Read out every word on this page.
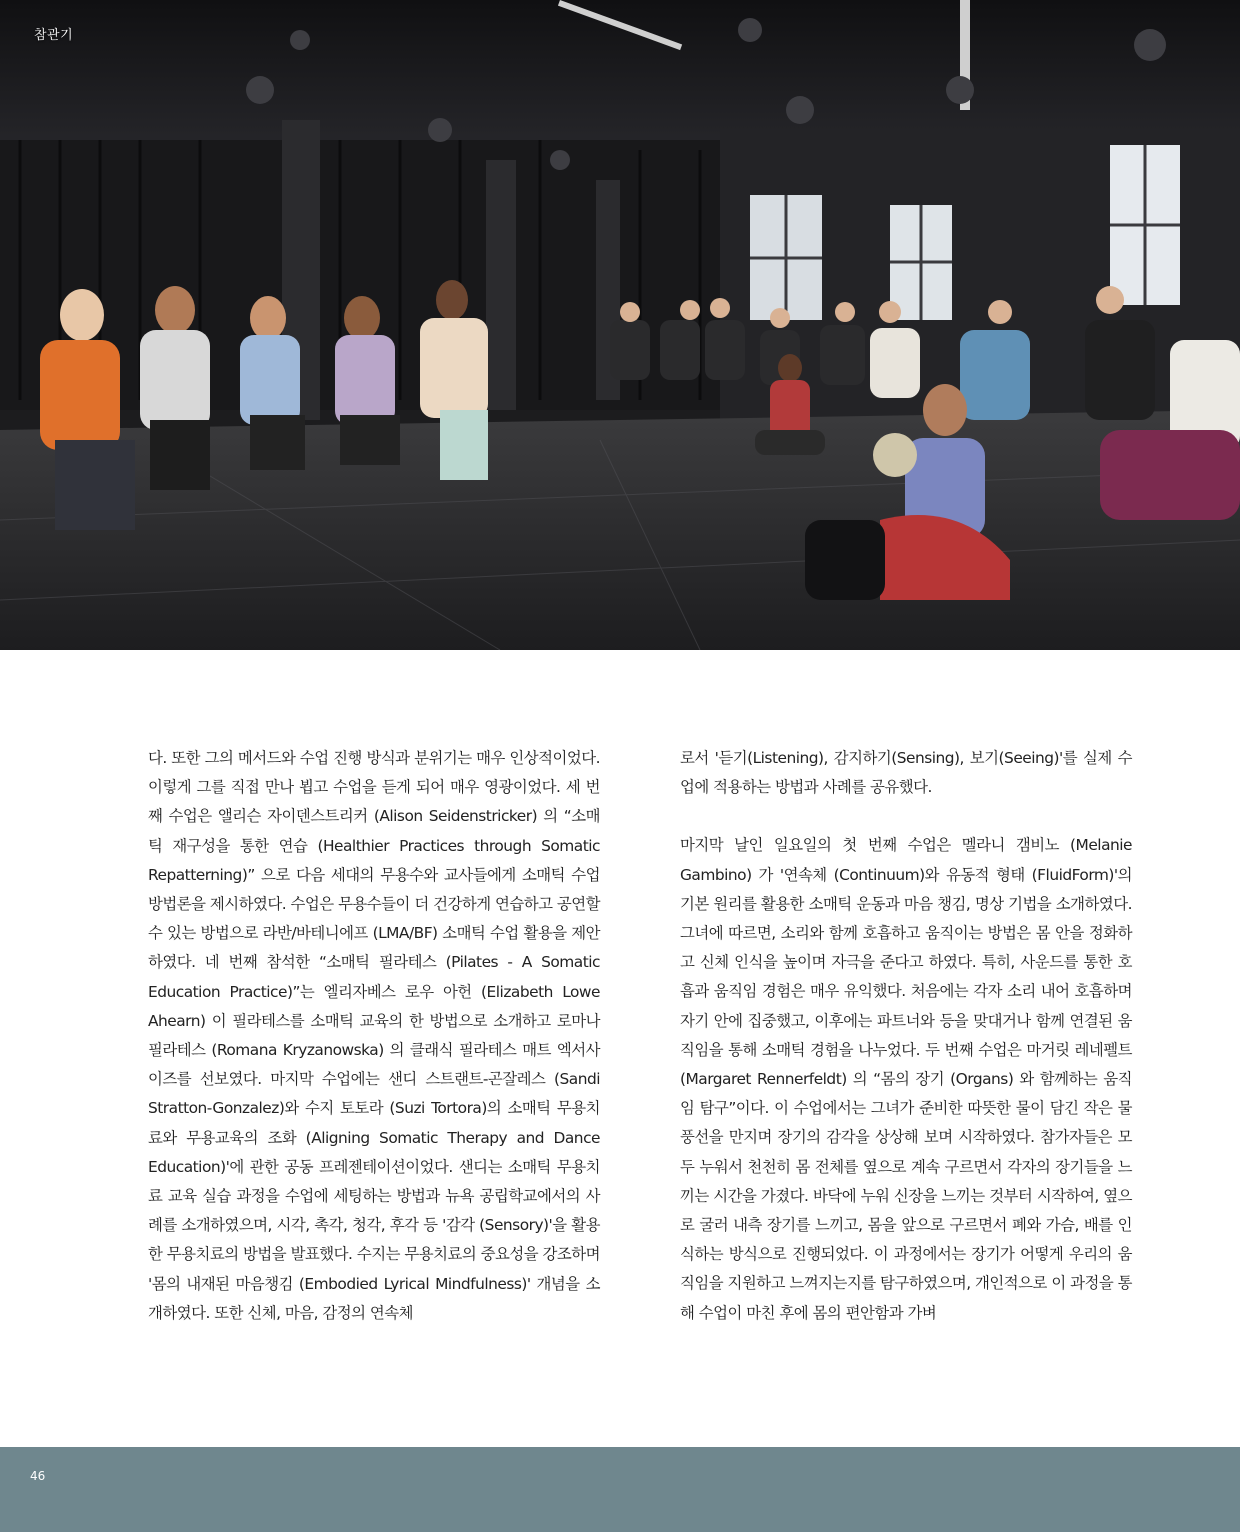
참관기

다. 또한 그의 메서드와 수업 진행 방식과 분위기는 매우 인상적이었다. 이렇게 그를 직접 만나 뵙고 수업을 듣게 되어 매우 영광이었다. 세 번째 수업은 앨리슨 자이덴스트리커 (Alison Seidenstricker) 의 “소매틱 재구성을 통한 연습 (Healthier Practices through Somatic Repatterning)” 으로 다음 세대의 무용수와 교사들에게 소매틱 수업 방법론을 제시하였다. 수업은 무용수들이 더 건강하게 연습하고 공연할 수 있는 방법으로 라반/바테니에프 (LMA/BF) 소매틱 수업 활용을 제안하였다. 네 번째 참석한 “소매틱 필라테스 (Pilates - A Somatic Education Practice)”는 엘리자베스 로우 아헌 (Elizabeth Lowe Ahearn) 이 필라테스를 소매틱 교육의 한 방법으로 소개하고 로마나 필라테스 (Romana Kryzanowska) 의 클래식 필라테스 매트 엑서사이즈를 선보였다. 마지막 수업에는 샌디 스트랜트-곤잘레스 (Sandi Stratton-Gonzalez)와 수지 토토라 (Suzi Tortora)의 소매틱 무용치료와 무용교육의 조화 (Aligning Somatic Therapy and Dance Education)'에 관한 공동 프레젠테이션이었다. 샌디는 소매틱 무용치료 교육 실습 과정을 수업에 세팅하는 방법과 뉴욕 공립학교에서의 사례를 소개하였으며, 시각, 촉각, 청각, 후각 등 '감각 (Sensory)'을 활용한 무용치료의 방법을 발표했다. 수지는 무용치료의 중요성을 강조하며 '몸의 내재된 마음챙김 (Embodied Lyrical Mindfulness)' 개념을 소개하였다. 또한 신체, 마음, 감정의 연속체

로서 '듣기(Listening), 감지하기(Sensing), 보기(Seeing)'를 실제 수업에 적용하는 방법과 사례를 공유했다.

마지막 날인 일요일의 첫 번째 수업은 멜라니 갬비노 (Melanie Gambino) 가 '연속체 (Continuum)와 유동적 형태 (FluidForm)'의 기본 원리를 활용한 소매틱 운동과 마음 챙김, 명상 기법을 소개하였다. 그녀에 따르면, 소리와 함께 호흡하고 움직이는 방법은 몸 안을 정화하고 신체 인식을 높이며 자극을 준다고 하였다. 특히, 사운드를 통한 호흡과 움직임 경험은 매우 유익했다. 처음에는 각자 소리 내어 호흡하며 자기 안에 집중했고, 이후에는 파트너와 등을 맞대거나 함께 연결된 움직임을 통해 소매틱 경험을 나누었다. 두 번째 수업은 마거릿 레네펠트 (Margaret Rennerfeldt) 의 “몸의 장기 (Organs) 와 함께하는 움직임 탐구”이다. 이 수업에서는 그녀가 준비한 따뜻한 물이 담긴 작은 물 풍선을 만지며 장기의 감각을 상상해 보며 시작하였다. 참가자들은 모두 누워서 천천히 몸 전체를 옆으로 계속 구르면서 각자의 장기들을 느끼는 시간을 가졌다. 바닥에 누워 신장을 느끼는 것부터 시작하여, 옆으로 굴러 내측 장기를 느끼고, 몸을 앞으로 구르면서 폐와 가슴, 배를 인식하는 방식으로 진행되었다. 이 과정에서는 장기가 어떻게 우리의 움직임을 지원하고 느껴지는지를 탐구하였으며, 개인적으로 이 과정을 통해 수업이 마친 후에 몸의 편안함과 가벼

46
